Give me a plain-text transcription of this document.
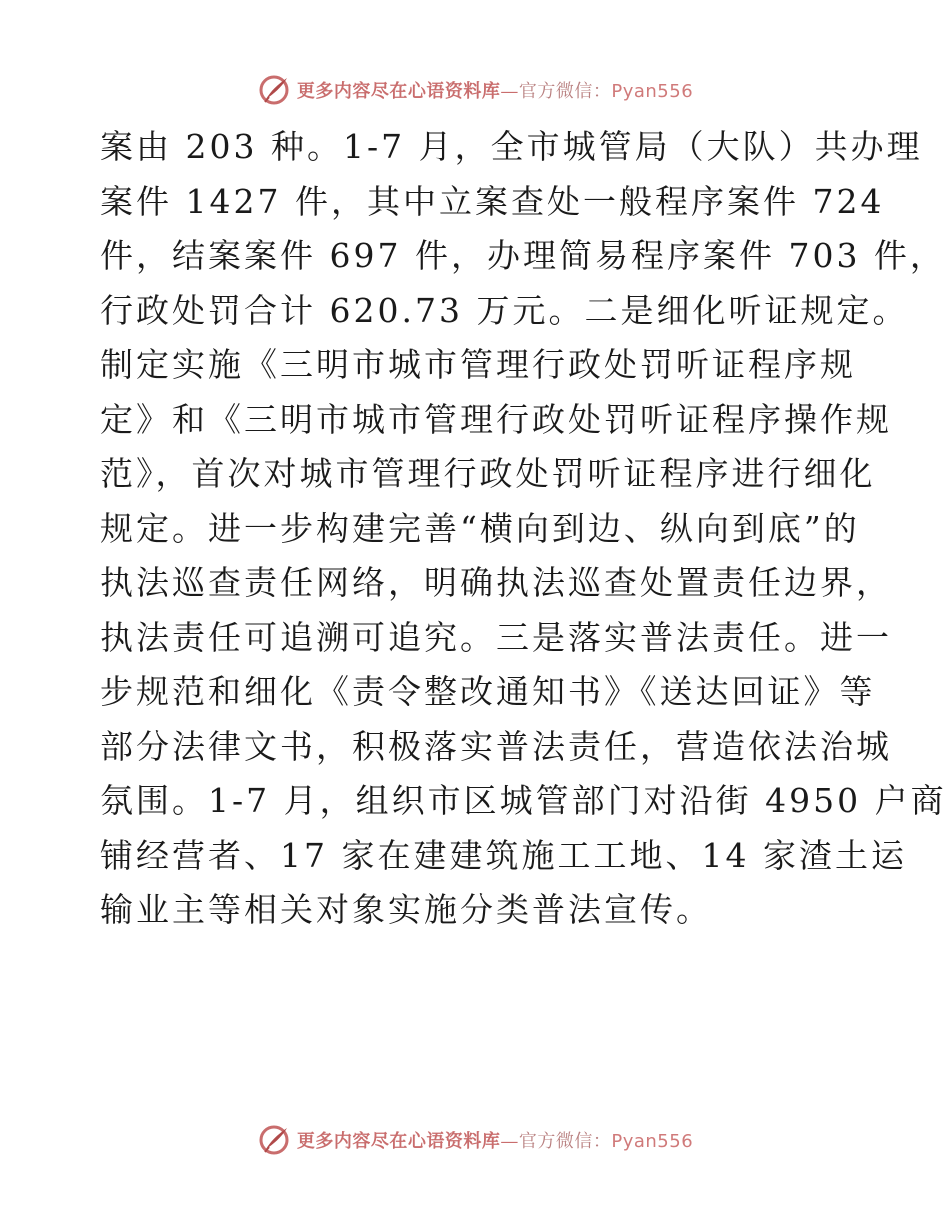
更多内容尽在心语资料库—官方微信：Pyan556
案由 203 种。1-7 月，全市城管局（大队）共办理
案件 1427 件，其中立案查处一般程序案件 724
件，结案案件 697 件，办理简易程序案件 703 件，
行政处罚合计 620.73 万元。二是细化听证规定。
制定实施《三明市城市管理行政处罚听证程序规
定》和《三明市城市管理行政处罚听证程序操作规
范》，首次对城市管理行政处罚听证程序进行细化
规定。进一步构建完善“横向到边、纵向到底”的
执法巡查责任网络，明确执法巡查处置责任边界，
执法责任可追溯可追究。三是落实普法责任。进一
步规范和细化《责令整改通知书》《送达回证》等
部分法律文书，积极落实普法责任，营造依法治城
氛围。1-7 月，组织市区城管部门对沿街 4950 户商
铺经营者、17 家在建建筑施工工地、14 家渣土运
输业主等相关对象实施分类普法宣传。
更多内容尽在心语资料库—官方微信：Pyan556
